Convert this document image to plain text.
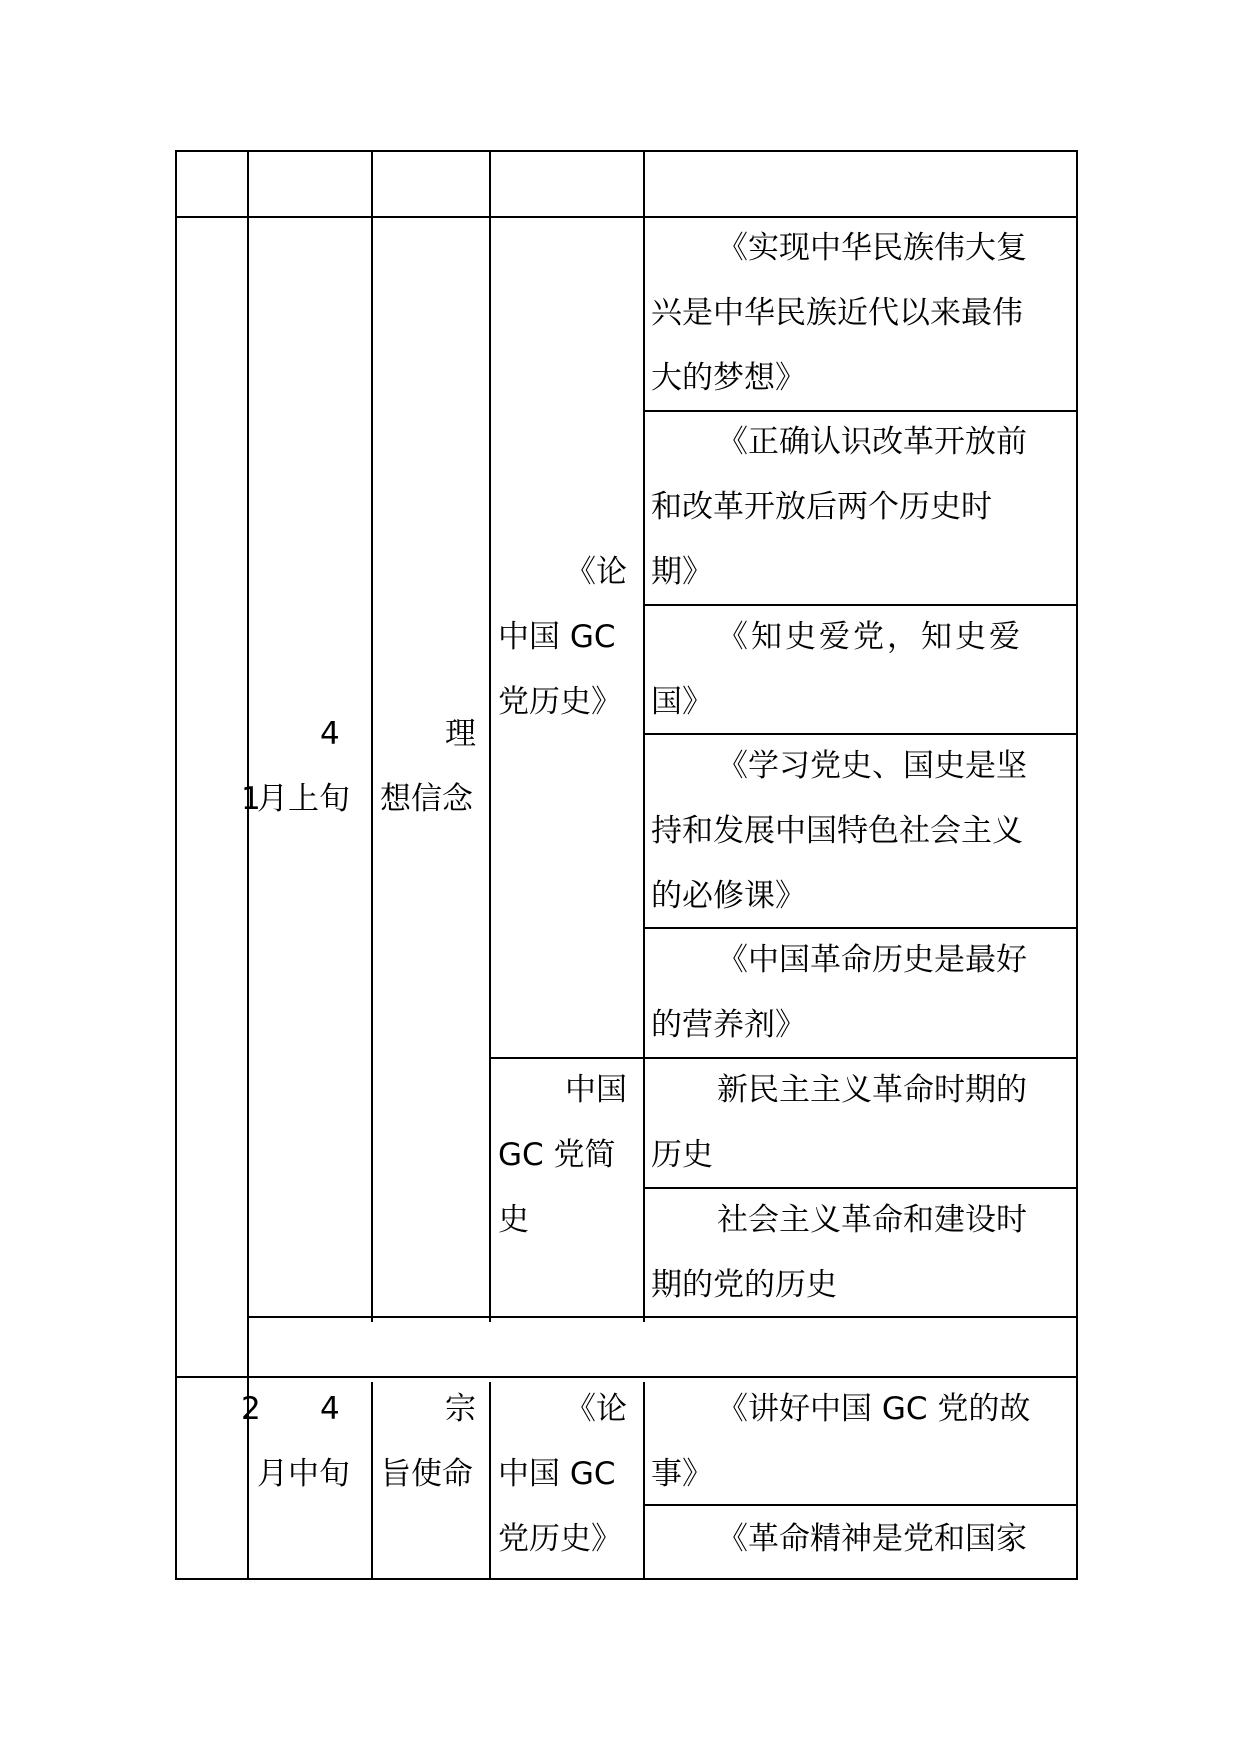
1
4
月上旬
理
想信念
《论
中国 GC
党历史》
《实现中华民族伟大复
兴是中华民族近代以来最伟
大的梦想》
《正确认识改革开放前
和改革开放后两个历史时
期》
《知史爱党，知史爱
国》
《学习党史、国史是坚
持和发展中国特色社会主义
的必修课》
《中国革命历史是最好
的营养剂》
中国
GC 党简
史
新民主主义革命时期的
历史
社会主义革命和建设时
期的党的历史
2 4
月中旬
宗
旨使命
《论
中国 GC
党历史》
《讲好中国 GC 党的故
事》
《革命精神是党和国家
